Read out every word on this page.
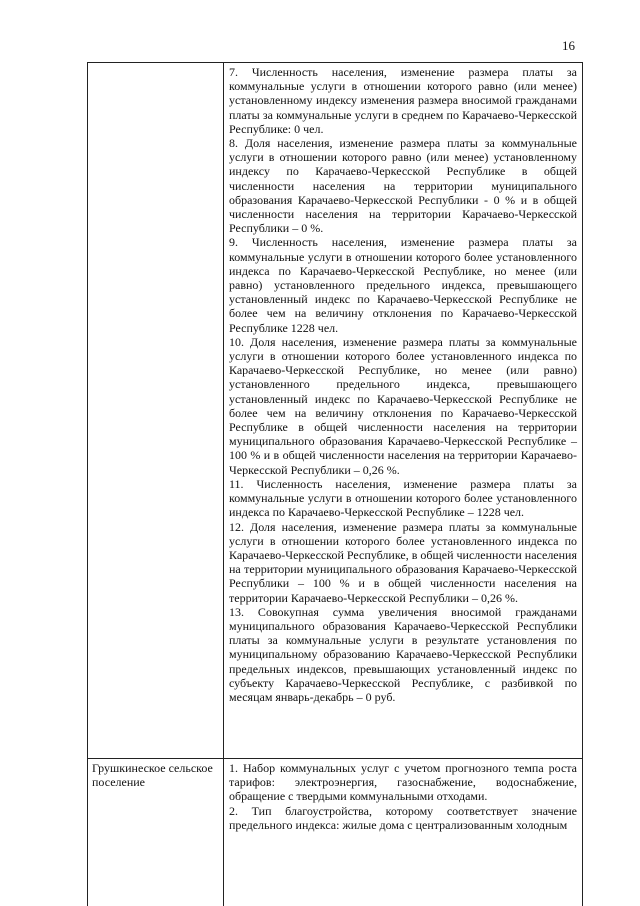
16

7. Численность населения, изменение размера платы за коммунальные услуги в отношении которого равно (или менее) установленному индексу изменения размера вносимой гражданами платы за коммунальные услуги в среднем по Карачаево-Черкесской Республике: 0 чел.

8. Доля населения, изменение размера платы за коммунальные услуги в отношении которого равно (или менее) установленному индексу по Карачаево-Черкесской Республике в общей численности населения на территории муниципального образования Карачаево-Черкесской Республики - 0 % и в общей численности населения на территории Карачаево-Черкесской Республики – 0 %.

9. Численность населения, изменение размера платы за коммунальные услуги в отношении которого более установленного индекса по Карачаево-Черкесской Республике, но менее (или равно) установленного предельного индекса, превышающего установленный индекс по Карачаево-Черкесской Республике не более чем на величину отклонения по Карачаево-Черкесской Республике 1228 чел.

10. Доля населения, изменение размера платы за коммунальные услуги в отношении которого более установленного индекса по Карачаево-Черкесской Республике, но менее (или равно) установленного предельного индекса, превышающего установленный индекс по Карачаево-Черкесской Республике не более чем на величину отклонения по Карачаево-Черкесской Республике в общей численности населения на территории муниципального образования Карачаево-Черкесской Республике – 100 % и в общей численности населения на территории Карачаево-Черкесской Республики – 0,26 %.

11. Численность населения, изменение размера платы за коммунальные услуги в отношении которого более установленного индекса по Карачаево-Черкесской Республике – 1228 чел.

12. Доля населения, изменение размера платы за коммунальные услуги в отношении которого более установленного индекса по Карачаево-Черкесской Республике, в общей численности населения на территории муниципального образования Карачаево-Черкесской Республики – 100 % и в общей численности населения на территории Карачаево-Черкесской Республики – 0,26 %.

13. Совокупная сумма увеличения вносимой гражданами муниципального образования Карачаево-Черкесской Республики платы за коммунальные услуги в результате установления по муниципальному образованию Карачаево-Черкесской Республики предельных индексов, превышающих установленный индекс по субъекту Карачаево-Черкесской Республике, с разбивкой по месяцам январь-декабрь – 0 руб.

Грушкинеское сельское поселение

1. Набор коммунальных услуг с учетом прогнозного темпа роста тарифов: электроэнергия, газоснабжение, водоснабжение, обращение с твердыми коммунальными отходами.

2. Тип благоустройства, которому соответствует значение предельного индекса: жилые дома с централизованным холодным
